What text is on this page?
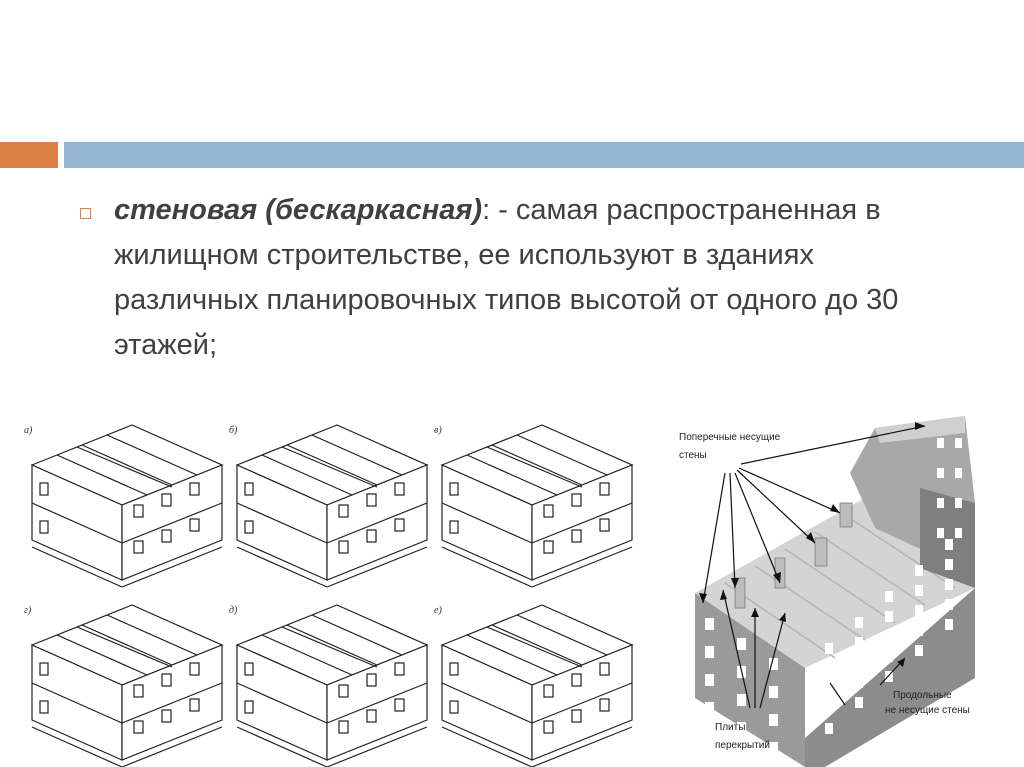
стеновая (бескаркасная): - самая распространенная в жилищном строительстве, ее используют в зданиях различных планировочных типов высотой от одного до 30 этажей;
а)	б)	в)
г)	д)	е)
Поперечные несущие
стены
Продольные
не несущие стены
Плиты
перекрытий
